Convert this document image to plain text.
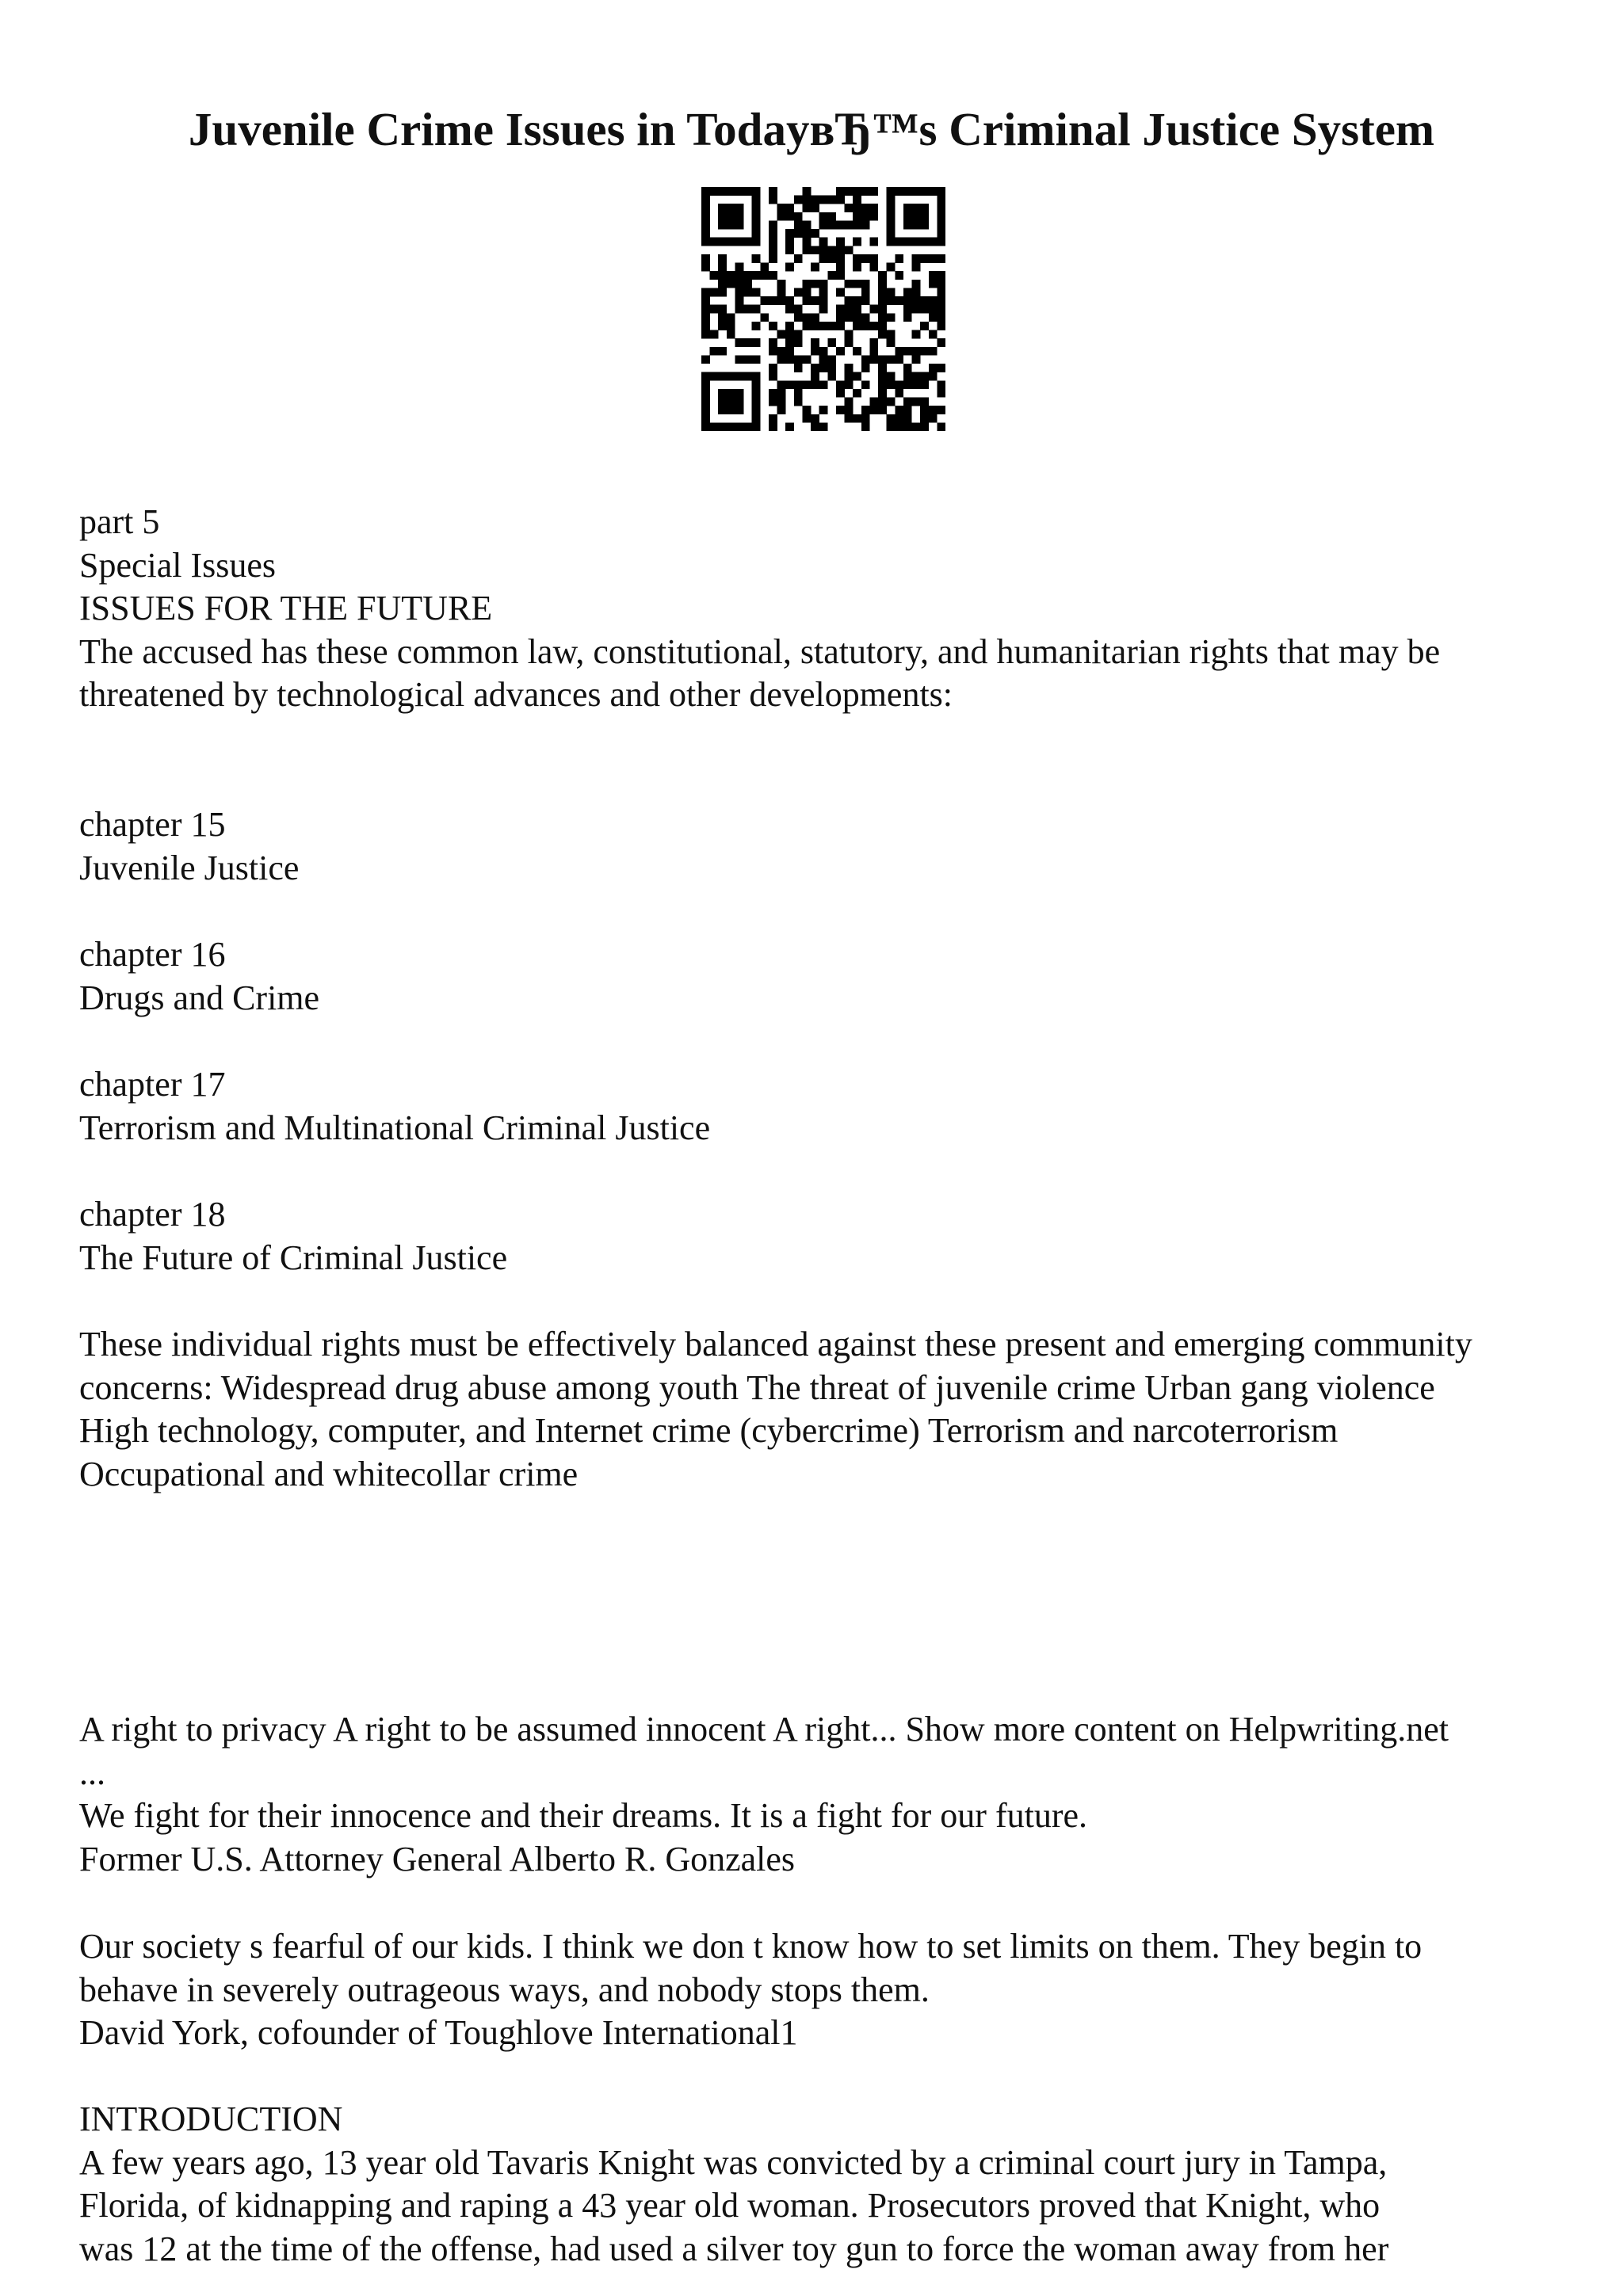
Juvenile Crime Issues in TodayвЂ™s Criminal Justice System
part 5
Special Issues
ISSUES FOR THE FUTURE
The accused has these common law, constitutional, statutory, and humanitarian rights that may be
threatened by technological advances and other developments:
chapter 15
Juvenile Justice
chapter 16
Drugs and Crime
chapter 17
Terrorism and Multinational Criminal Justice
chapter 18
The Future of Criminal Justice
These individual rights must be effectively balanced against these present and emerging community
concerns: Widespread drug abuse among youth The threat of juvenile crime Urban gang violence
High technology, computer, and Internet crime (cybercrime) Terrorism and narcoterrorism
Occupational and whitecollar crime
A right to privacy A right to be assumed innocent A right... Show more content on Helpwriting.net
...
We fight for their innocence and their dreams. It is a fight for our future.
Former U.S. Attorney General Alberto R. Gonzales
Our society s fearful of our kids. I think we don t know how to set limits on them. They begin to
behave in severely outrageous ways, and nobody stops them.
David York, cofounder of Toughlove International1
INTRODUCTION
A few years ago, 13 year old Tavaris Knight was convicted by a criminal court jury in Tampa,
Florida, of kidnapping and raping a 43 year old woman. Prosecutors proved that Knight, who
was 12 at the time of the offense, had used a silver toy gun to force the woman away from her
